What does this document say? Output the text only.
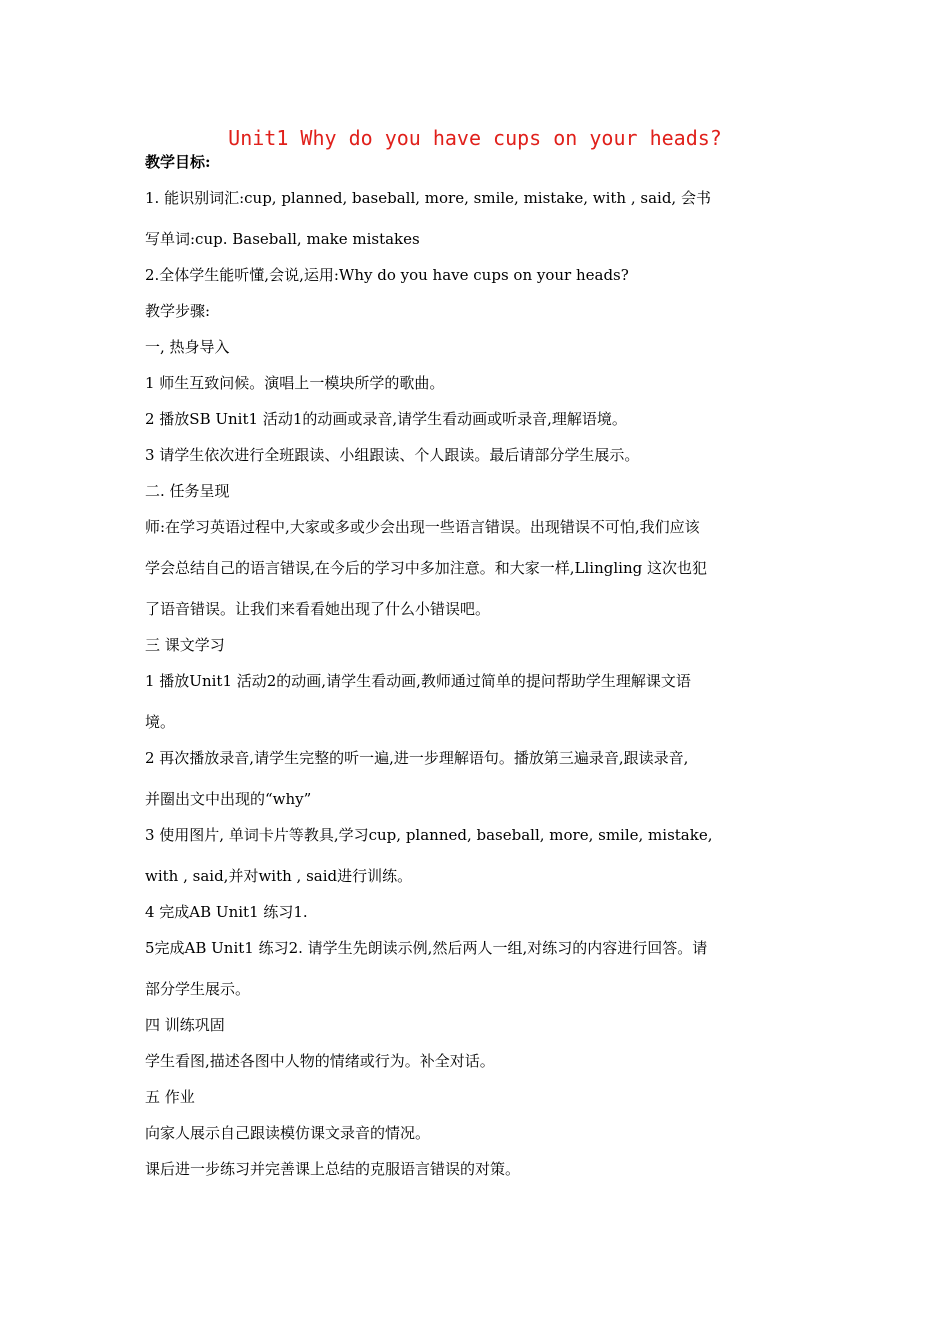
Unit1 Why do you have cups on your heads?
教学目标:
1. 能识别词汇:cup, planned, baseball, more, smile, mistake, with , said, 会书
写单词:cup. Baseball, make mistakes
2.全体学生能听懂,会说,运用:Why do you have cups on your heads?
教学步骤:
一, 热身导入
1 师生互致问候。演唱上一模块所学的歌曲。
2 播放SB Unit1 活动1的动画或录音,请学生看动画或听录音,理解语境。
3 请学生依次进行全班跟读、小组跟读、个人跟读。最后请部分学生展示。
二. 任务呈现
师:在学习英语过程中,大家或多或少会出现一些语言错误。出现错误不可怕,我们应该
学会总结自己的语言错误,在今后的学习中多加注意。和大家一样,Llingling 这次也犯
了语音错误。让我们来看看她出现了什么小错误吧。
三 课文学习
1 播放Unit1 活动2的动画,请学生看动画,教师通过简单的提问帮助学生理解课文语
境。
2 再次播放录音,请学生完整的听一遍,进一步理解语句。播放第三遍录音,跟读录音,
并圈出文中出现的“why”
3 使用图片, 单词卡片等教具,学习cup, planned, baseball, more, smile, mistake,
with , said,并对with , said进行训练。
4 完成AB Unit1 练习1.
5完成AB Unit1 练习2. 请学生先朗读示例,然后两人一组,对练习的内容进行回答。请
部分学生展示。
四 训练巩固
学生看图,描述各图中人物的情绪或行为。补全对话。
五 作业
向家人展示自己跟读模仿课文录音的情况。
课后进一步练习并完善课上总结的克服语言错误的对策。
